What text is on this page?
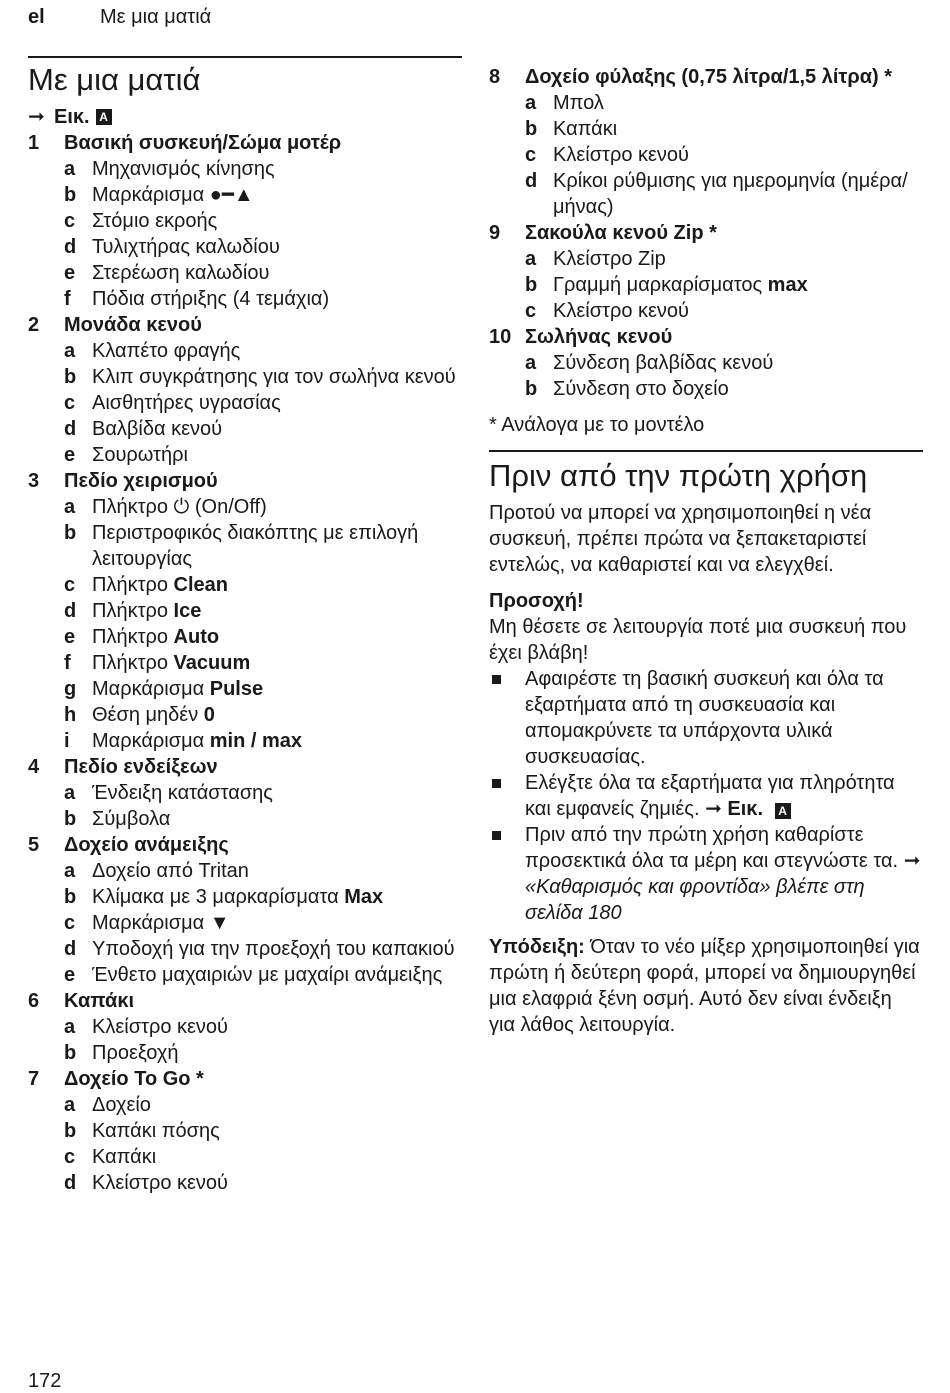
el	Με μια ματιά
Με μια ματιά
➞ Εικ. A
1	Βασική συσκευή/Σώμα μοτέρ
a Μηχανισμός κίνησης
b Μαρκάρισμα ●━▲
c Στόμιο εκροής
d Τυλιχτήρας καλωδίου
e Στερέωση καλωδίου
f	Πόδια στήριξης (4 τεμάχια)
2	Μονάδα κενού
a Κλαπέτο φραγής
b Κλιπ συγκράτησης για τον σωλήνα κενού
c Αισθητήρες υγρασίας
d Βαλβίδα κενού
e Σουρωτήρι
3	Πεδίο χειρισμού
a Πλήκτρο ⏻ (On/Off)
b Περιστροφικός διακόπτης με επιλογή λειτουργίας
c Πλήκτρο Clean
d Πλήκτρο Ice
e Πλήκτρο Auto
f	Πλήκτρο Vacuum
g Μαρκάρισμα Pulse
h Θέση μηδέν 0
i	Μαρκάρισμα min / max
4	Πεδίο ενδείξεων
a Ένδειξη κατάστασης
b Σύμβολα
5	Δοχείο ανάμειξης
a Δοχείο από Tritan
b Κλίμακα με 3 μαρκαρίσματα Max
c Μαρκάρισμα ▼
d Υποδοχή για την προεξοχή του καπακιού
e Ένθετο μαχαιριών με μαχαίρι ανάμειξης
6	Καπάκι
a Κλείστρο κενού
b Προεξοχή
7	Δοχείο To Go *
a Δοχείο
b Καπάκι πόσης
c Καπάκι
d Κλείστρο κενού
8	Δοχείο φύλαξης (0,75 λίτρα/1,5 λίτρα) *
a Μπολ
b Καπάκι
c Κλείστρο κενού
d Κρίκοι ρύθμισης για ημερομηνία (ημέρα/μήνας)
9	Σακούλα κενού Zip *
a Κλείστρο Zip
b Γραμμή μαρκαρίσματος max
c Κλείστρο κενού
10 Σωλήνας κενού
a Σύνδεση βαλβίδας κενού
b Σύνδεση στο δοχείο
* Ανάλογα με το μοντέλο
Πριν από την πρώτη χρήση

Προτού να μπορεί να χρησιμοποιηθεί η νέα συσκευή, πρέπει πρώτα να ξεπακεταριστεί εντελώς, να καθαριστεί και να ελεγχθεί.

Προσοχή!

Μη θέσετε σε λειτουργία ποτέ μια συσκευή που έχει βλάβη!

Αφαιρέστε τη βασική συσκευή και όλα τα εξαρτήματα από τη συσκευασία και απομακρύνετε τα υπάρχοντα υλικά συσκευασίας.
Ελέγξτε όλα τα εξαρτήματα για πληρότητα και εμφανείς ζημιές. ➞ Εικ. A
Πριν από την πρώτη χρήση καθαρίστε προσεκτικά όλα τα μέρη και στεγνώστε τα. ➞ «Καθαρισμός και φροντίδα» βλέπε στη σελίδα 180

Υπόδειξη: Όταν το νέο μίξερ χρησιμοποιηθεί για πρώτη ή δεύτερη φορά, μπορεί να δημιουργηθεί μια ελαφριά ξένη οσμή. Αυτό δεν είναι ένδειξη για λάθος λειτουργία.

172
